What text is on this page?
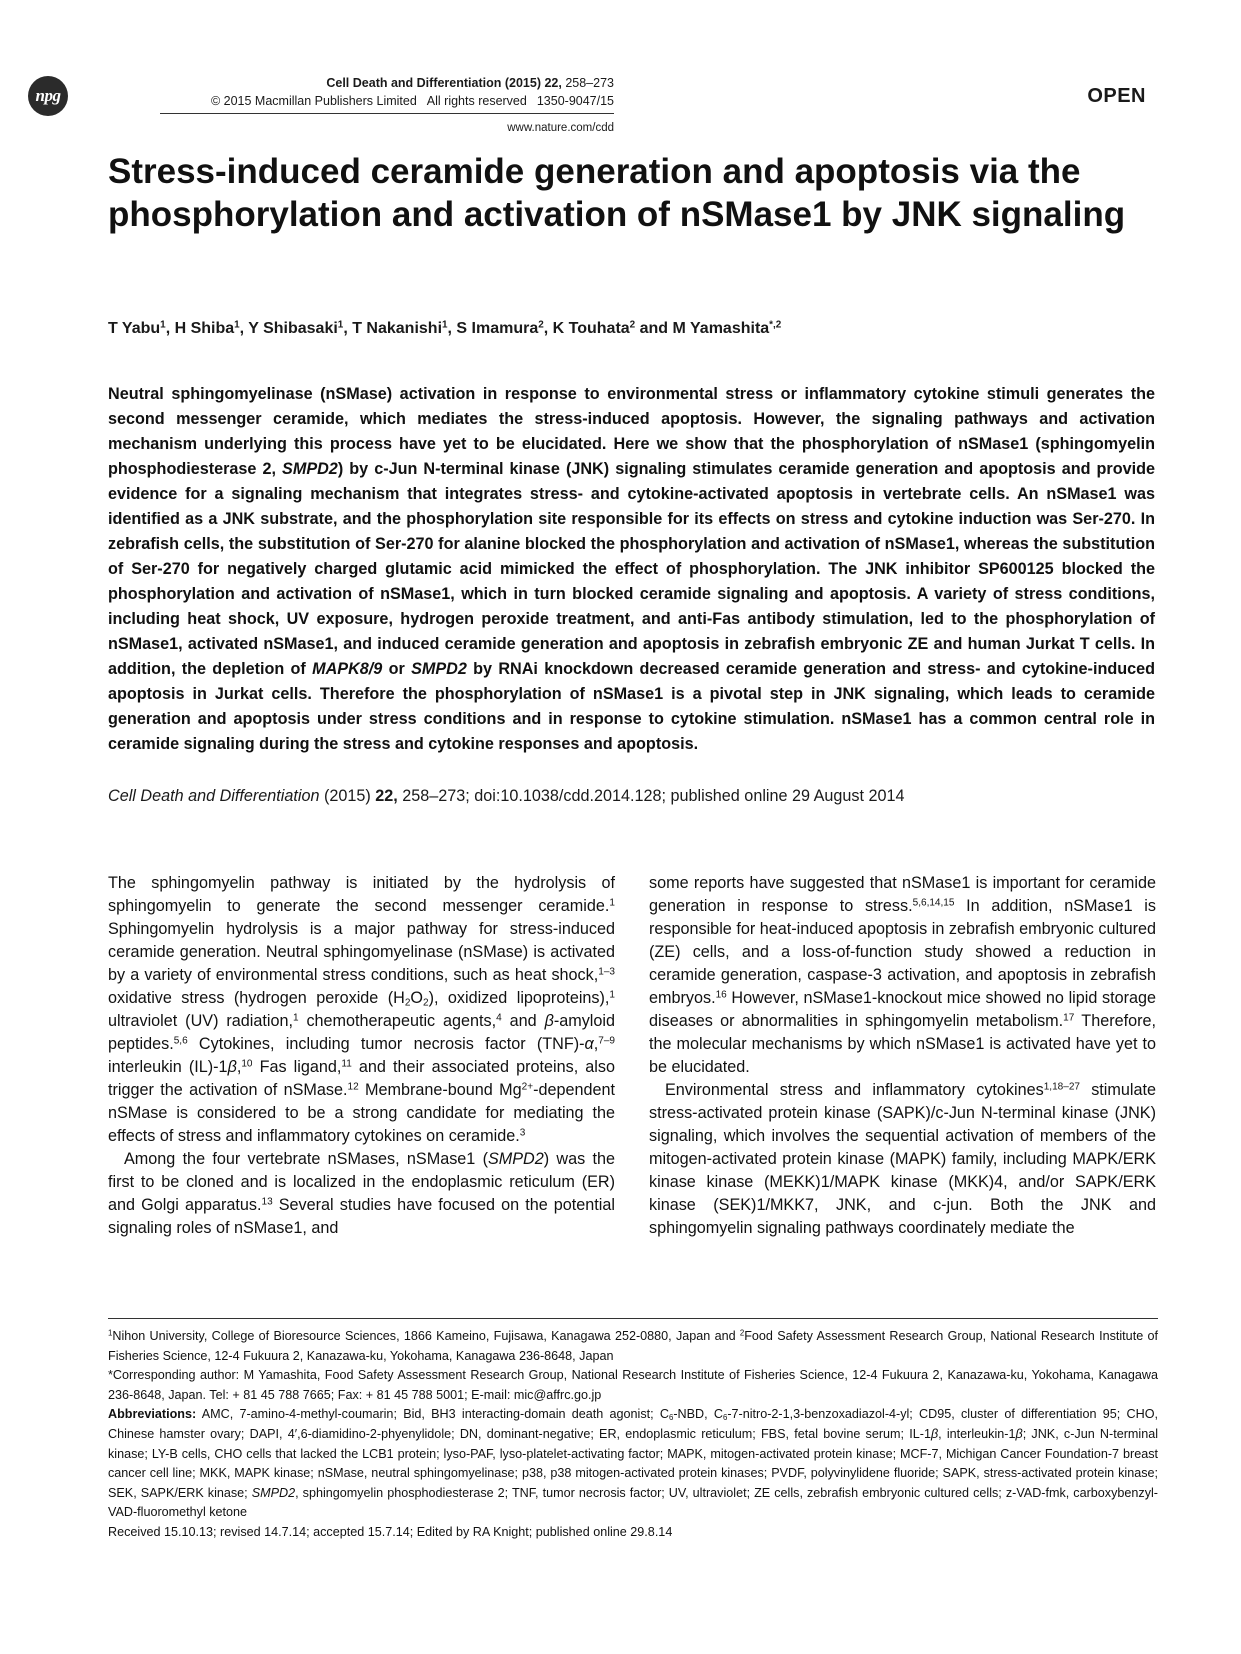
npg
Cell Death and Differentiation (2015) 22, 258–273
© 2015 Macmillan Publishers Limited All rights reserved 1350-9047/15
www.nature.com/cdd
OPEN
Stress-induced ceramide generation and apoptosis via the phosphorylation and activation of nSMase1 by JNK signaling
T Yabu$^1$, H Shiba$^1$, Y Shibasaki$^1$, T Nakanishi$^1$, S Imamura$^2$, K Touhata$^2$ and M Yamashita$^{*,2}$

Neutral sphingomyelinase (nSMase) activation in response to environmental stress or inflammatory cytokine stimuli generates the second messenger ceramide, which mediates the stress-induced apoptosis. However, the signaling pathways and activation mechanism underlying this process have yet to be elucidated. Here we show that the phosphorylation of nSMase1 (sphingomyelin phosphodiesterase 2, SMPD2) by c-Jun N-terminal kinase (JNK) signaling stimulates ceramide generation and apoptosis and provide evidence for a signaling mechanism that integrates stress- and cytokine-activated apoptosis in vertebrate cells. An nSMase1 was identified as a JNK substrate, and the phosphorylation site responsible for its effects on stress and cytokine induction was Ser-270. In zebrafish cells, the substitution of Ser-270 for alanine blocked the phosphorylation and activation of nSMase1, whereas the substitution of Ser-270 for negatively charged glutamic acid mimicked the effect of phosphorylation. The JNK inhibitor SP600125 blocked the phosphorylation and activation of nSMase1, which in turn blocked ceramide signaling and apoptosis. A variety of stress conditions, including heat shock, UV exposure, hydrogen peroxide treatment, and anti-Fas antibody stimulation, led to the phosphorylation of nSMase1, activated nSMase1, and induced ceramide generation and apoptosis in zebrafish embryonic ZE and human Jurkat T cells. In addition, the depletion of MAPK8/9 or SMPD2 by RNAi knockdown decreased ceramide generation and stress- and cytokine-induced apoptosis in Jurkat cells. Therefore the phosphorylation of nSMase1 is a pivotal step in JNK signaling, which leads to ceramide generation and apoptosis under stress conditions and in response to cytokine stimulation. nSMase1 has a common central role in ceramide signaling during the stress and cytokine responses and apoptosis.

Cell Death and Differentiation (2015) 22, 258–273; doi:10.1038/cdd.2014.128; published online 29 August 2014

The sphingomyelin pathway is initiated by the hydrolysis of sphingomyelin to generate the second messenger ceramide.$^1$ Sphingomyelin hydrolysis is a major pathway for stress-induced ceramide generation. Neutral sphingomyelinase (nSMase) is activated by a variety of environmental stress conditions, such as heat shock,$^{1-3}$ oxidative stress (hydrogen peroxide $(H_2O_2)$, oxidized lipoproteins),$^1$ ultraviolet (UV) radiation,$^1$ chemotherapeutic agents,$^4$ and β-amyloid peptides.$^{5,6}$ Cytokines, including tumor necrosis factor (TNF)-α,$^{7-9}$ interleukin (IL)-1β,$^{10}$ Fas ligand,$^{11}$ and their associated proteins, also trigger the activation of nSMase.$^{12}$ Membrane-bound $Mg^{2+}$-dependent nSMase is considered to be a strong candidate for mediating the effects of stress and inflammatory cytokines on ceramide.$^3$

Among the four vertebrate nSMases, nSMase1 (SMPD2) was the first to be cloned and is localized in the endoplasmic reticulum (ER) and Golgi apparatus.$^{13}$ Several studies have focused on the potential signaling roles of nSMase1, and

some reports have suggested that nSMase1 is important for ceramide generation in response to stress.$^{5,6,14,15}$ In addition, nSMase1 is responsible for heat-induced apoptosis in zebrafish embryonic cultured (ZE) cells, and a loss-of-function study showed a reduction in ceramide generation, caspase-3 activation, and apoptosis in zebrafish embryos.$^{16}$ However, nSMase1-knockout mice showed no lipid storage diseases or abnormalities in sphingomyelin metabolism.$^{17}$ Therefore, the molecular mechanisms by which nSMase1 is activated have yet to be elucidated.

Environmental stress and inflammatory cytokines$^{1,18-27}$ stimulate stress-activated protein kinase (SAPK)/c-Jun N-terminal kinase (JNK) signaling, which involves the sequential activation of members of the mitogen-activated protein kinase (MAPK) family, including MAPK/ERK kinase kinase (MEKK)1/MAPK kinase (MKK)4, and/or SAPK/ERK kinase (SEK)1/MKK7, JNK, and c-jun. Both the JNK and sphingomyelin signaling pathways coordinately mediate the

$^1$Nihon University, College of Bioresource Sciences, 1866 Kameino, Fujisawa, Kanagawa 252-0880, Japan and $^2$Food Safety Assessment Research Group, National Research Institute of Fisheries Science, 12-4 Fukuura 2, Kanazawa-ku, Yokohama, Kanagawa 236-8648, Japan

*Corresponding author: M Yamashita, Food Safety Assessment Research Group, National Research Institute of Fisheries Science, 12-4 Fukuura 2, Kanazawa-ku, Yokohama, Kanagawa 236-8648, Japan. Tel: + 81 45 788 7665; Fax: + 81 45 788 5001; E-mail: mic@affrc.go.jp

Abbreviations: AMC, 7-amino-4-methyl-coumarin; Bid, BH3 interacting-domain death agonist; $C_6$-NBD, $C_6-7-nitro-2-1,3-benzoxadiazol-4-yl$; CD95, cluster of differentiation 95; CHO, Chinese hamster ovary; DAPI, 4′,6-diamidino-2-phyenylidole; DN, dominant-negative; ER, endoplasmic reticulum; FBS, fetal bovine serum; IL-1β, interleukin-1β; JNK, c-Jun N-terminal kinase; LY-B cells, CHO cells that lacked the LCB1 protein; lyso-PAF, lyso-platelet-activating factor; MAPK, mitogen-activated protein kinase; MCF-7, Michigan Cancer Foundation-7 breast cancer cell line; MKK, MAPK kinase; nSMase, neutral sphingomyelinase; p38, p38 mitogen-activated protein kinases; PVDF, polyvinylidene fluoride; SAPK, stress-activated protein kinase; SEK, SAPK/ERK kinase; SMPD2, sphingomyelin phosphodiesterase 2; TNF, tumor necrosis factor; UV, ultraviolet; ZE cells, zebrafish embryonic cultured cells; z-VAD-fmk, carboxybenzyl-VAD-fluoromethyl ketone

Received 15.10.13; revised 14.7.14; accepted 15.7.14; Edited by RA Knight; published online 29.8.14
